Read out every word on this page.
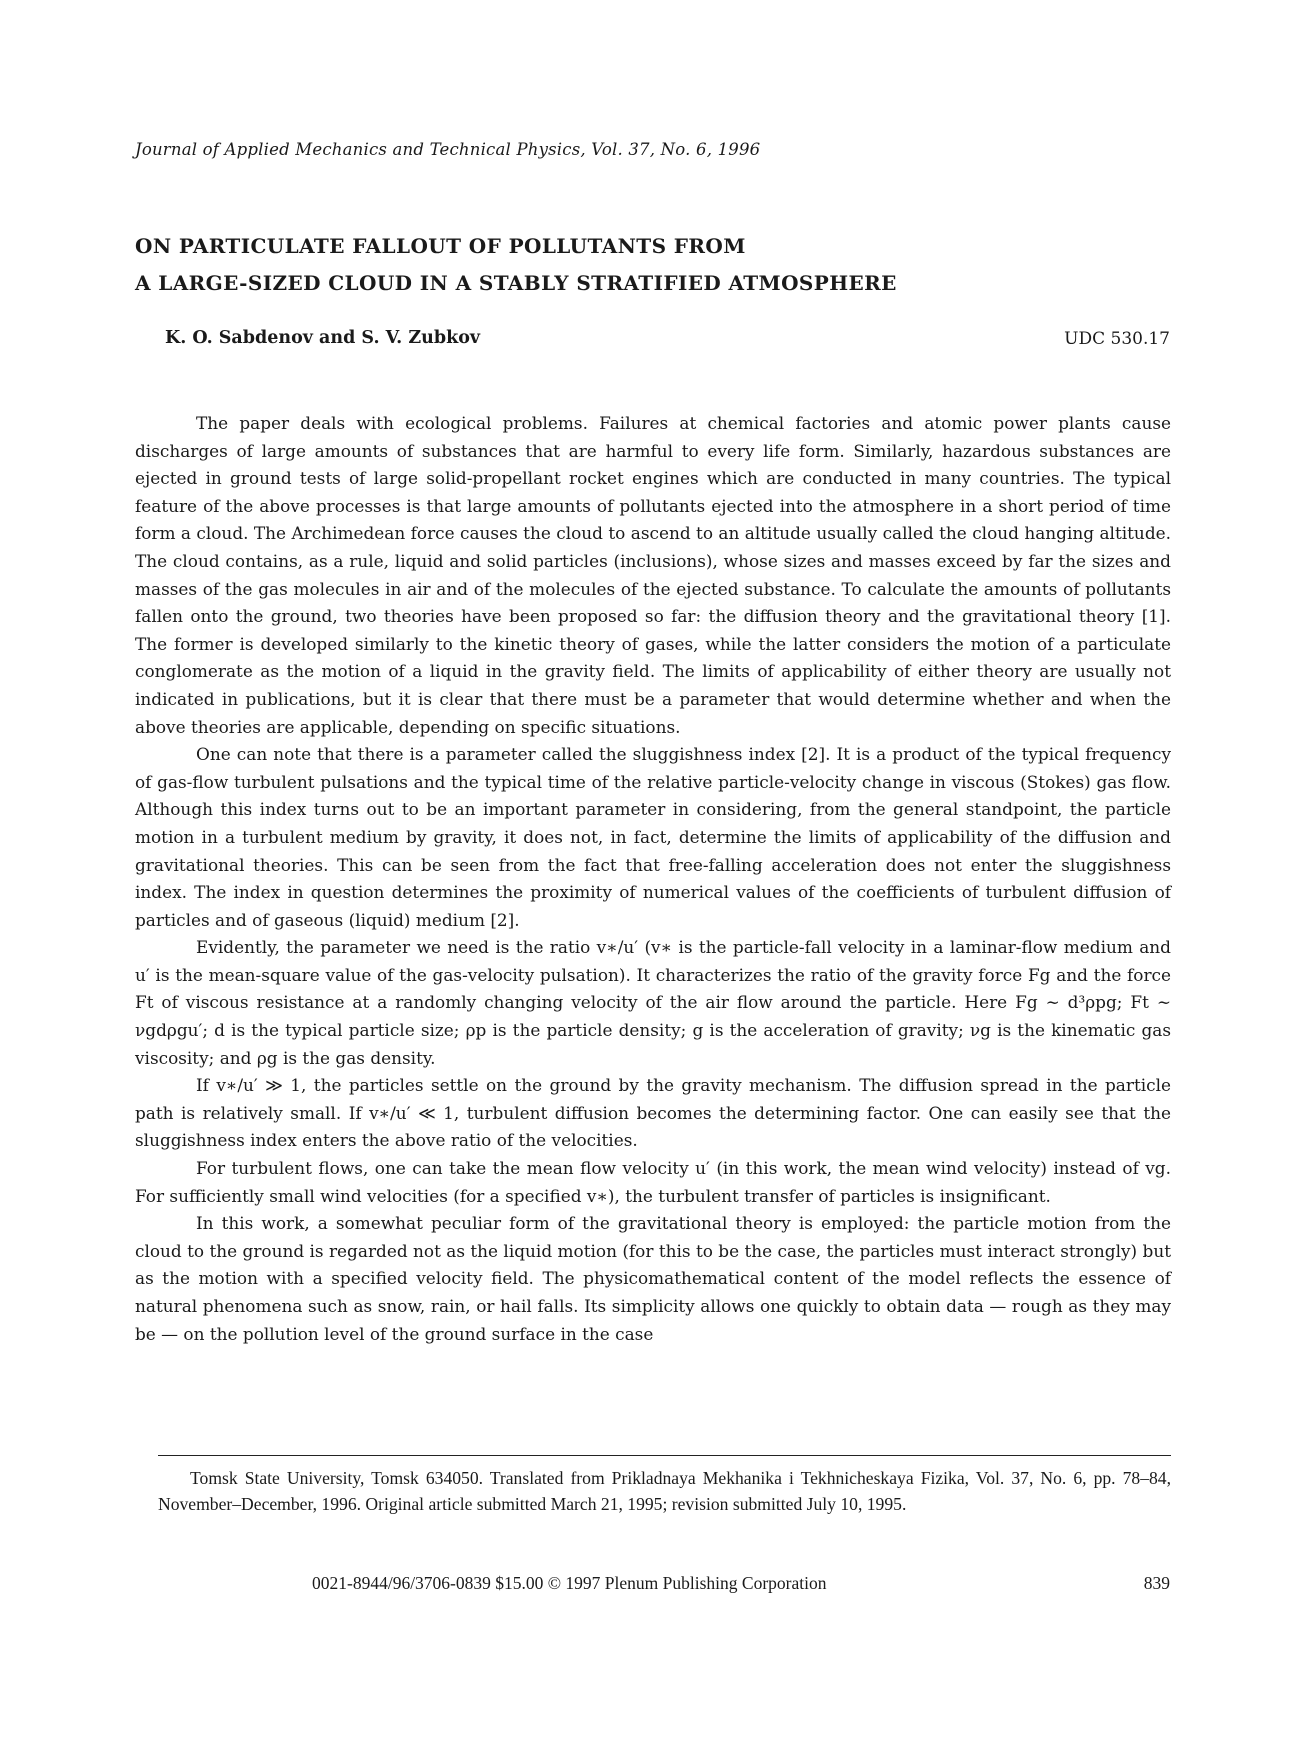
Journal of Applied Mechanics and Technical Physics, Vol. 37, No. 6, 1996
ON PARTICULATE FALLOUT OF POLLUTANTS FROM
A LARGE-SIZED CLOUD IN A STABLY STRATIFIED ATMOSPHERE
K. O. Sabdenov and S. V. Zubkov	UDC 530.17

The paper deals with ecological problems. Failures at chemical factories and atomic power plants cause discharges of large amounts of substances that are harmful to every life form. Similarly, hazardous substances are ejected in ground tests of large solid-propellant rocket engines which are conducted in many countries. The typical feature of the above processes is that large amounts of pollutants ejected into the atmosphere in a short period of time form a cloud. The Archimedean force causes the cloud to ascend to an altitude usually called the cloud hanging altitude. The cloud contains, as a rule, liquid and solid particles (inclusions), whose sizes and masses exceed by far the sizes and masses of the gas molecules in air and of the molecules of the ejected substance. To calculate the amounts of pollutants fallen onto the ground, two theories have been proposed so far: the diffusion theory and the gravitational theory [1]. The former is developed similarly to the kinetic theory of gases, while the latter considers the motion of a particulate conglomerate as the motion of a liquid in the gravity field. The limits of applicability of either theory are usually not indicated in publications, but it is clear that there must be a parameter that would determine whether and when the above theories are applicable, depending on specific situations.

One can note that there is a parameter called the sluggishness index [2]. It is a product of the typical frequency of gas-flow turbulent pulsations and the typical time of the relative particle-velocity change in viscous (Stokes) gas flow. Although this index turns out to be an important parameter in considering, from the general standpoint, the particle motion in a turbulent medium by gravity, it does not, in fact, determine the limits of applicability of the diffusion and gravitational theories. This can be seen from the fact that free-falling acceleration does not enter the sluggishness index. The index in question determines the proximity of numerical values of the coefficients of turbulent diffusion of particles and of gaseous (liquid) medium [2].

Evidently, the parameter we need is the ratio v∗/u′ (v∗ is the particle-fall velocity in a laminar-flow medium and u′ is the mean-square value of the gas-velocity pulsation). It characterizes the ratio of the gravity force Fg and the force Ft of viscous resistance at a randomly changing velocity of the air flow around the particle. Here Fg ∼ d³ρpg; Ft ∼ νgdρgu′; d is the typical particle size; ρp is the particle density; g is the acceleration of gravity; νg is the kinematic gas viscosity; and ρg is the gas density.

If v∗/u′ ≫ 1, the particles settle on the ground by the gravity mechanism. The diffusion spread in the particle path is relatively small. If v∗/u′ ≪ 1, turbulent diffusion becomes the determining factor. One can easily see that the sluggishness index enters the above ratio of the velocities.

For turbulent flows, one can take the mean flow velocity u′ (in this work, the mean wind velocity) instead of vg. For sufficiently small wind velocities (for a specified v∗), the turbulent transfer of particles is insignificant.

In this work, a somewhat peculiar form of the gravitational theory is employed: the particle motion from the cloud to the ground is regarded not as the liquid motion (for this to be the case, the particles must interact strongly) but as the motion with a specified velocity field. The physicomathematical content of the model reflects the essence of natural phenomena such as snow, rain, or hail falls. Its simplicity allows one quickly to obtain data — rough as they may be — on the pollution level of the ground surface in the case

Tomsk State University, Tomsk 634050. Translated from Prikladnaya Mekhanika i Tekhnicheskaya Fizika, Vol. 37, No. 6, pp. 78–84, November–December, 1996. Original article submitted March 21, 1995; revision submitted July 10, 1995.
0021-8944/96/3706-0839 $15.00 © 1997 Plenum Publishing Corporation	839
